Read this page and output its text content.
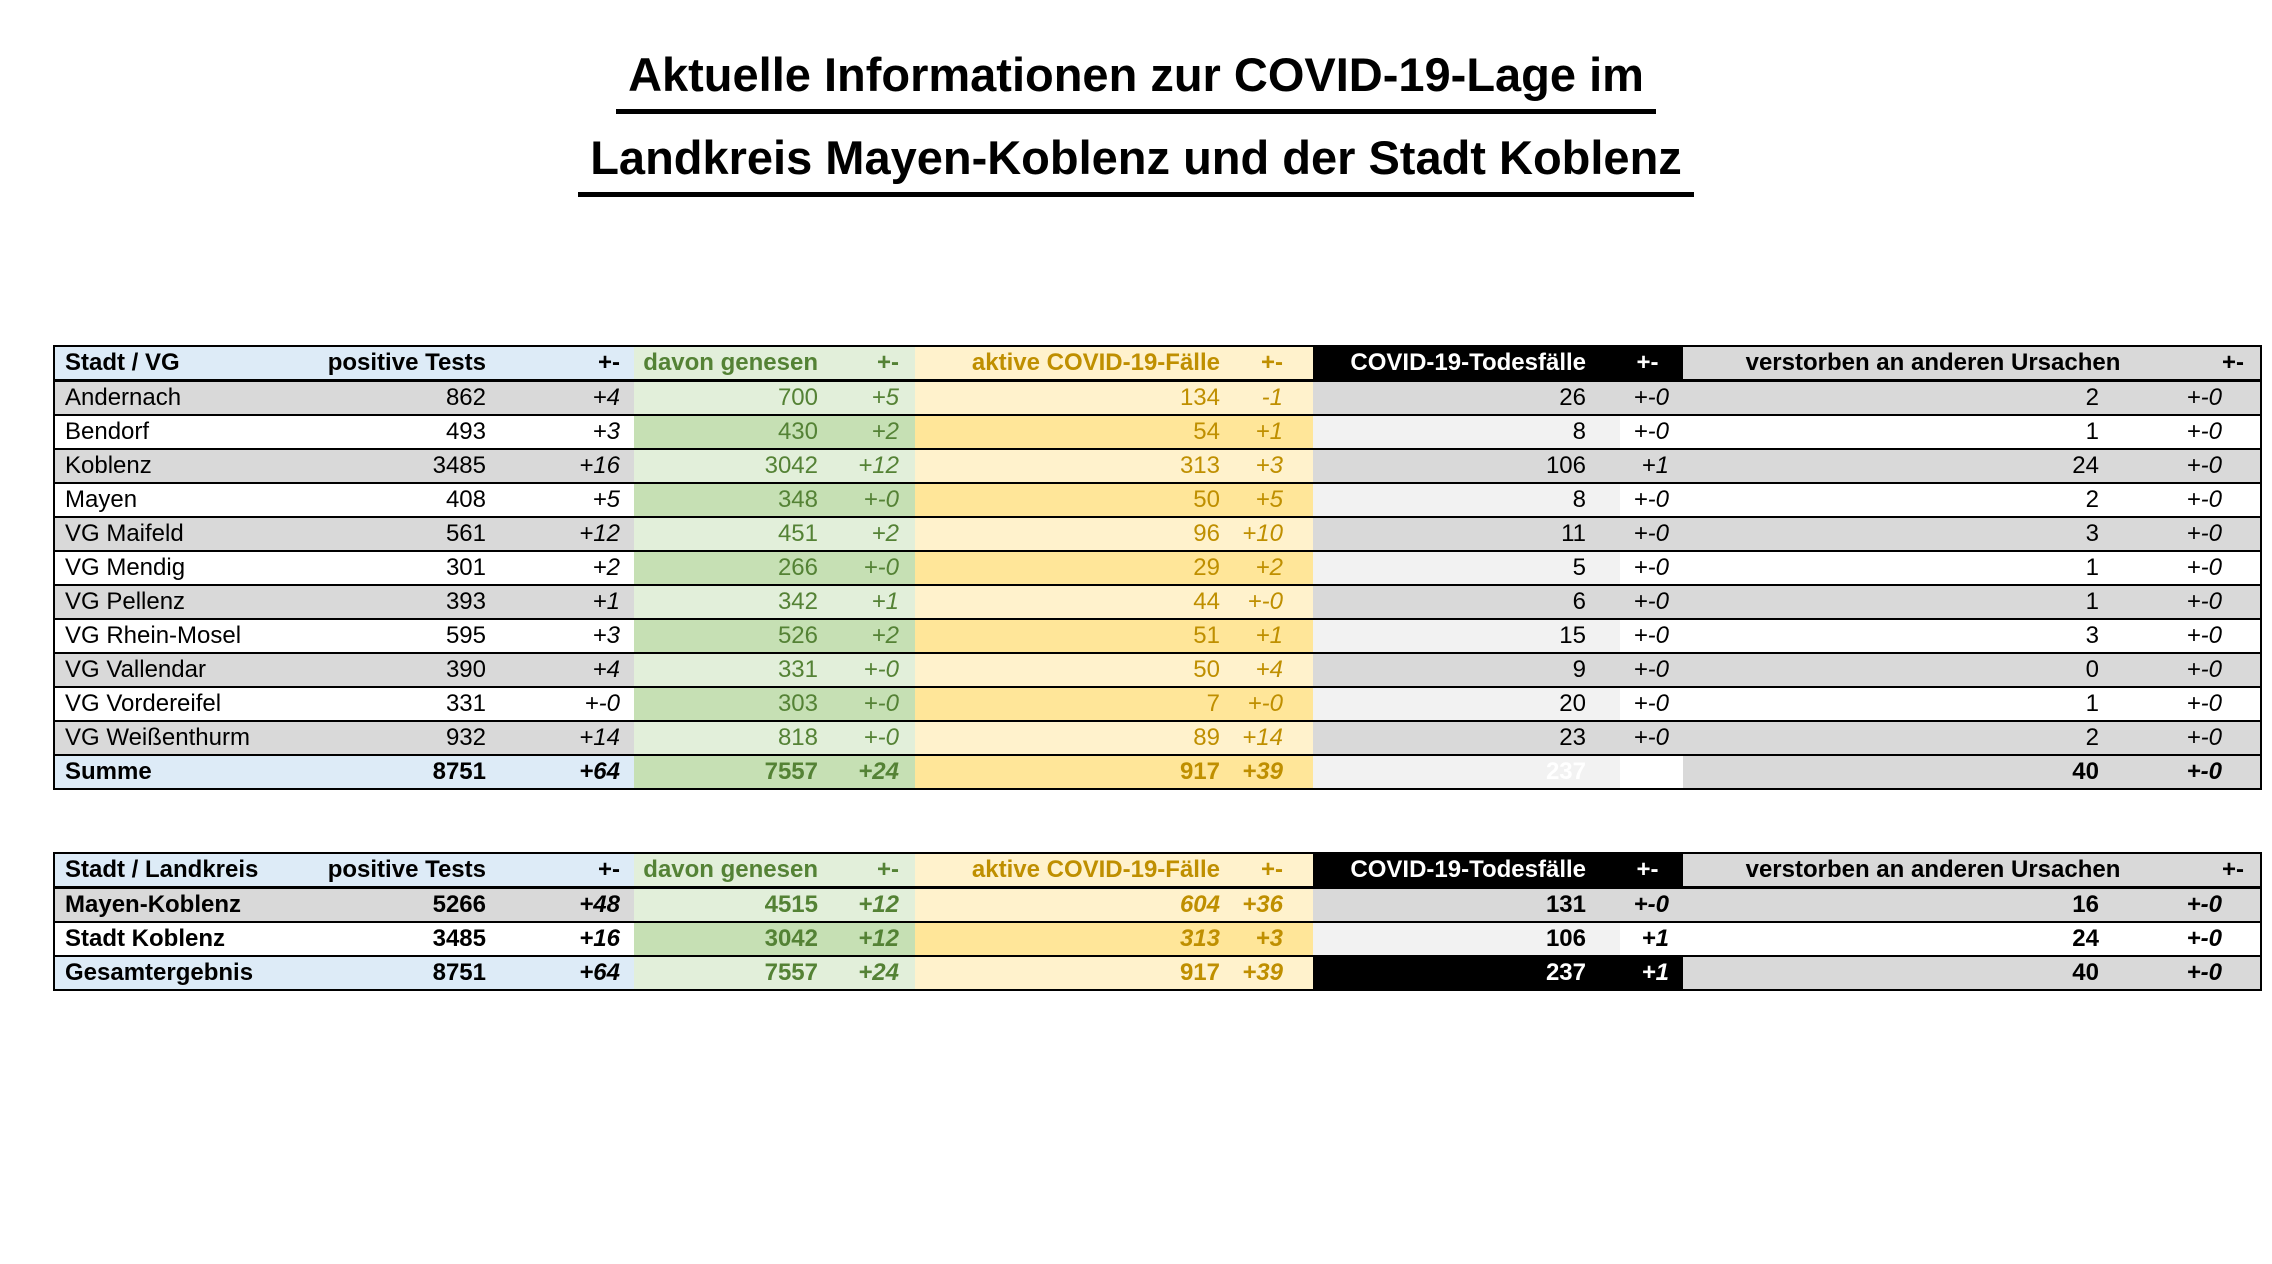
Aktuelle Informationen zur COVID-19-Lage im
Landkreis Mayen-Koblenz und der Stadt Koblenz
Stadt / VG	positive Tests	+-	davon genesen	+-	aktive COVID-19-Fälle	+-	COVID-19-Todesfälle	+-	verstorben an anderen Ursachen	+-
Andernach	862	+4	700	+5	134	-1	26	+-0	2	+-0
Bendorf	493	+3	430	+2	54	+1	8	+-0	1	+-0
Koblenz	3485	+16	3042	+12	313	+3	106	+1	24	+-0
Mayen	408	+5	348	+-0	50	+5	8	+-0	2	+-0
VG Maifeld	561	+12	451	+2	96	+10	11	+-0	3	+-0
VG Mendig	301	+2	266	+-0	29	+2	5	+-0	1	+-0
VG Pellenz	393	+1	342	+1	44	+-0	6	+-0	1	+-0
VG Rhein-Mosel	595	+3	526	+2	51	+1	15	+-0	3	+-0
VG Vallendar	390	+4	331	+-0	50	+4	9	+-0	0	+-0
VG Vordereifel	331	+-0	303	+-0	7	+-0	20	+-0	1	+-0
VG Weißenthurm	932	+14	818	+-0	89	+14	23	+-0	2	+-0
Summe	8751	+64	7557	+24	917	+39	237	+1	40	+-0
Stadt / Landkreis	positive Tests	+-	davon genesen	+-	aktive COVID-19-Fälle	+-	COVID-19-Todesfälle	+-	verstorben an anderen Ursachen	+-
Mayen-Koblenz	5266	+48	4515	+12	604	+36	131	+-0	16	+-0
Stadt Koblenz	3485	+16	3042	+12	313	+3	106	+1	24	+-0
Gesamtergebnis	8751	+64	7557	+24	917	+39	237	+1	40	+-0
